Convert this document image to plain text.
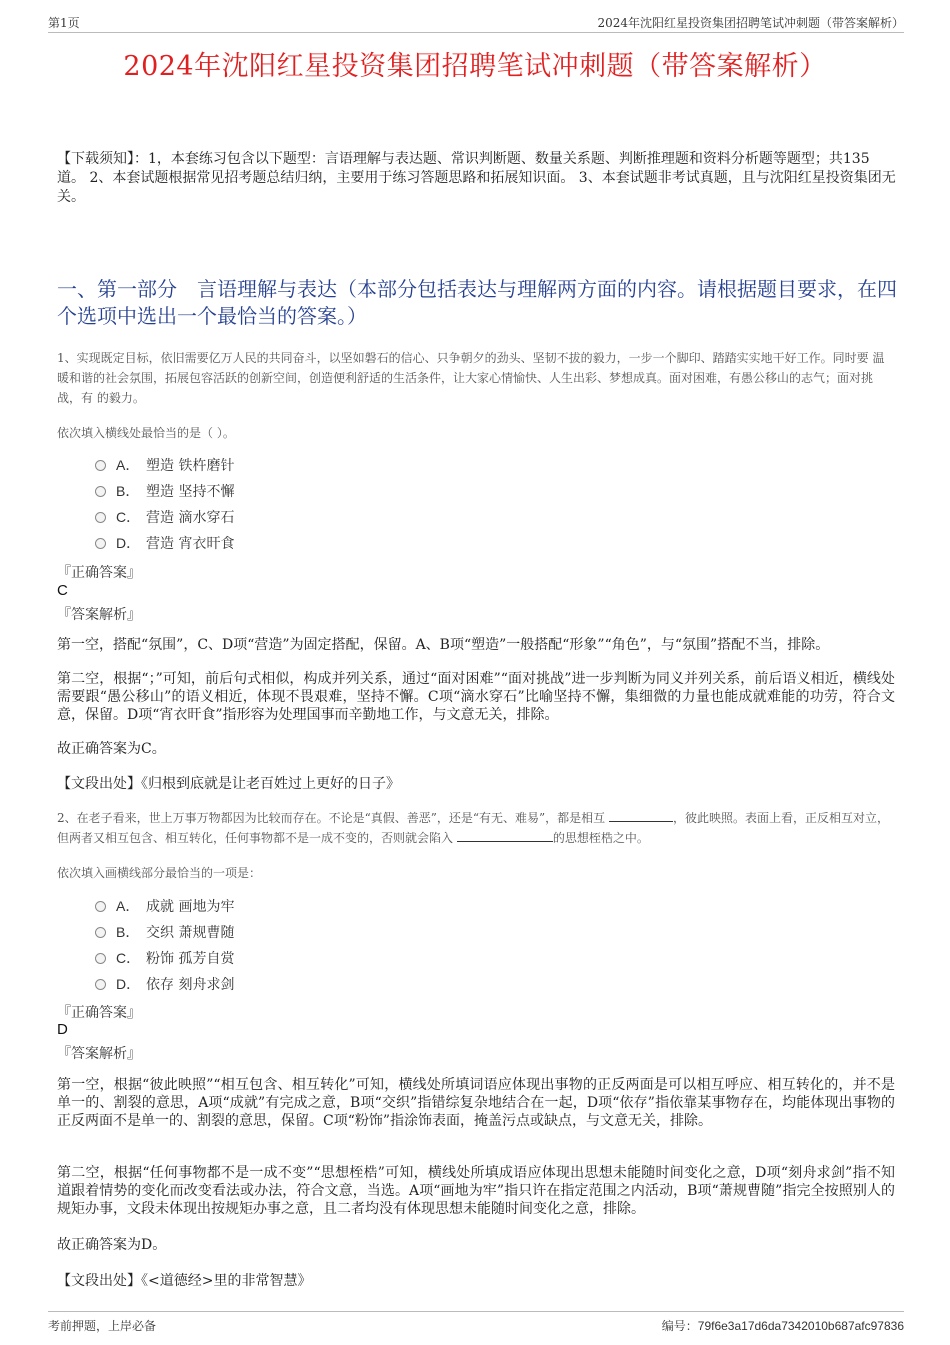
第1页	2024年沈阳红星投资集团招聘笔试冲刺题（带答案解析）
2024年沈阳红星投资集团招聘笔试冲刺题（带答案解析）
【下载须知】：1，本套练习包含以下题型：言语理解与表达题、常识判断题、数量关系题、判断推理题和资料分析题等题型；共135道。 2、本套试题根据常见招考题总结归纳，主要用于练习答题思路和拓展知识面。 3、本套试题非考试真题，且与沈阳红星投资集团无关。
一、第一部分　言语理解与表达（本部分包括表达与理解两方面的内容。请根据题目要求，在四个选项中选出一个最恰当的答案。）
1、实现既定目标，依旧需要亿万人民的共同奋斗，以坚如磐石的信心、只争朝夕的劲头、坚韧不拔的毅力，一步一个脚印、踏踏实实地干好工作。同时要 温暖和谐的社会氛围，拓展包容活跃的创新空间，创造便利舒适的生活条件，让大家心情愉快、人生出彩、梦想成真。面对困难，有愚公移山的志气；面对挑战，有 的毅力。
依次填入横线处最恰当的是（ ）。
A． 塑造 铁杵磨针
B． 塑造 坚持不懈
C． 营造 滴水穿石
D． 营造 宵衣旰食
『正确答案』
C
『答案解析』
第一空，搭配“氛围”，C、D项“营造”为固定搭配，保留。A、B项“塑造”一般搭配“形象”“角色”，与“氛围”搭配不当，排除。
第二空，根据“；”可知，前后句式相似，构成并列关系，通过“面对困难”“面对挑战”进一步判断为同义并列关系，前后语义相近，横线处需要跟“愚公移山”的语义相近，体现不畏艰难，坚持不懈。C项“滴水穿石”比喻坚持不懈，集细微的力量也能成就难能的功劳，符合文意，保留。D项“宵衣旰食”指形容为处理国事而辛勤地工作，与文意无关，排除。
故正确答案为C。
【文段出处】《归根到底就是让老百姓过上更好的日子》
2、在老子看来，世上万事万物都因为比较而存在。不论是“真假、善恶”，还是“有无、难易”，都是相互	，彼此映照。表面上看，正反相互对立，但两者又相互包含、相互转化，任何事物都不是一成不变的，否则就会陷入	的思想桎梏之中。
依次填入画横线部分最恰当的一项是：
A． 成就 画地为牢
B． 交织 萧规曹随
C． 粉饰 孤芳自赏
D． 依存 刻舟求剑
『正确答案』
D
『答案解析』
第一空，根据“彼此映照”“相互包含、相互转化”可知，横线处所填词语应体现出事物的正反两面是可以相互呼应、相互转化的，并不是单一的、割裂的意思，A项“成就”有完成之意，B项“交织”指错综复杂地结合在一起，D项“依存”指依靠某事物存在，均能体现出事物的正反两面不是单一的、割裂的意思，保留。C项“粉饰”指涂饰表面，掩盖污点或缺点，与文意无关，排除。
第二空，根据“任何事物都不是一成不变”“思想桎梏”可知，横线处所填成语应体现出思想未能随时间变化之意，D项“刻舟求剑”指不知道跟着情势的变化而改变看法或办法，符合文意，当选。A项“画地为牢”指只许在指定范围之内活动，B项“萧规曹随”指完全按照别人的规矩办事，文段未体现出按规矩办事之意，且二者均没有体现思想未能随时间变化之意，排除。
故正确答案为D。
【文段出处】《<道德经>里的非常智慧》
考前押题，上岸必备	编号：79f6e3a17d6da7342010b687afc97836
